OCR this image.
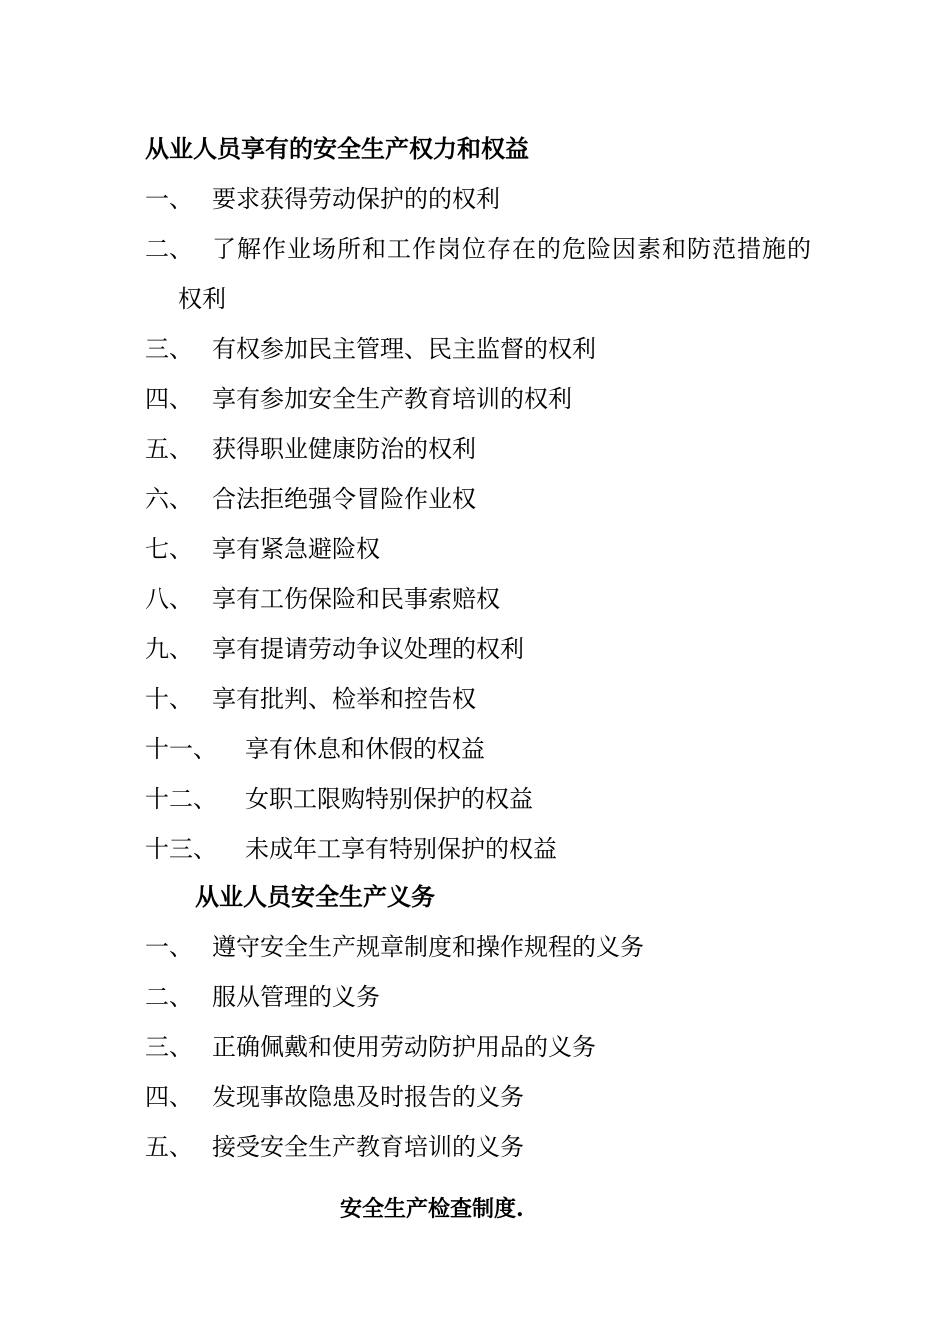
从业人员享有的安全生产权力和权益
一、 要求获得劳动保护的的权利
二、 了解作业场所和工作岗位存在的危险因素和防范措施的
权利
三、 有权参加民主管理、民主监督的权利
四、 享有参加安全生产教育培训的权利
五、 获得职业健康防治的权利
六、 合法拒绝强令冒险作业权
七、 享有紧急避险权
八、 享有工伤保险和民事索赔权
九、 享有提请劳动争议处理的权利
十、 享有批判、检举和控告权
十一、 享有休息和休假的权益
十二、 女职工限购特别保护的权益
十三、 未成年工享有特别保护的权益
从业人员安全生产义务
一、 遵守安全生产规章制度和操作规程的义务
二、 服从管理的义务
三、 正确佩戴和使用劳动防护用品的义务
四、 发现事故隐患及时报告的义务
五、 接受安全生产教育培训的义务
安全生产检查制度.
